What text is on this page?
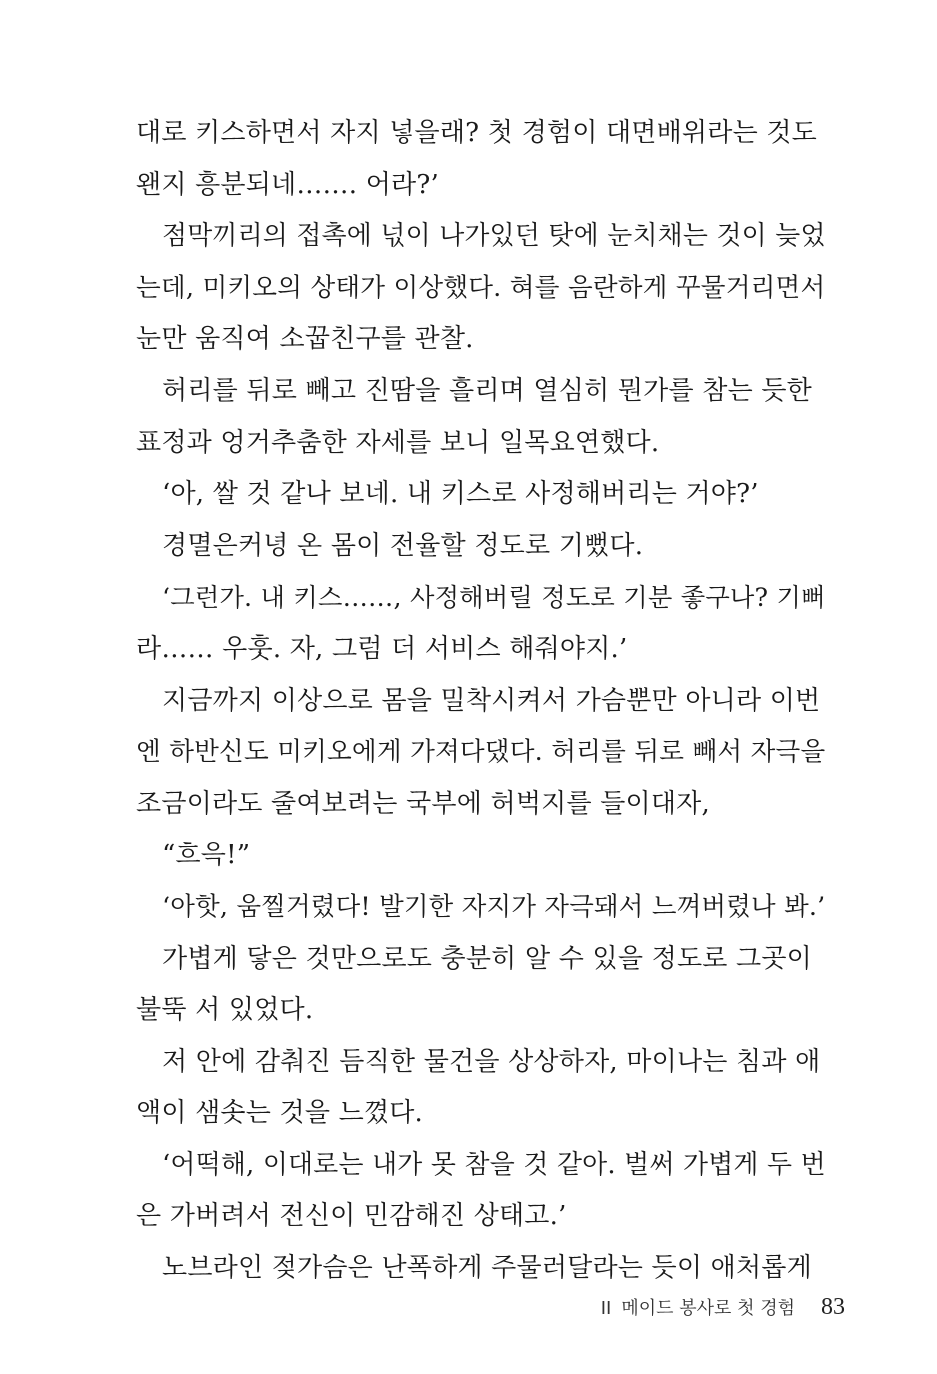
대로 키스하면서 자지 넣을래? 첫 경험이 대면배위라는 것도
왠지 흥분되네……. 어라?’
점막끼리의 접촉에 넋이 나가있던 탓에 눈치채는 것이 늦었
는데, 미키오의 상태가 이상했다. 혀를 음란하게 꾸물거리면서
눈만 움직여 소꿉친구를 관찰.
허리를 뒤로 빼고 진땀을 흘리며 열심히 뭔가를 참는 듯한
표정과 엉거추춤한 자세를 보니 일목요연했다.
‘아, 쌀 것 같나 보네. 내 키스로 사정해버리는 거야?’
경멸은커녕 온 몸이 전율할 정도로 기뻤다.
‘그런가. 내 키스……, 사정해버릴 정도로 기분 좋구나? 기뻐
라…… 우훗. 자, 그럼 더 서비스 해줘야지.’
지금까지 이상으로 몸을 밀착시켜서 가슴뿐만 아니라 이번
엔 하반신도 미키오에게 가져다댔다. 허리를 뒤로 빼서 자극을
조금이라도 줄여보려는 국부에 허벅지를 들이대자,
“흐윽!”
‘아핫, 움찔거렸다! 발기한 자지가 자극돼서 느껴버렸나 봐.’
가볍게 닿은 것만으로도 충분히 알 수 있을 정도로 그곳이
불뚝 서 있었다.
저 안에 감춰진 듬직한 물건을 상상하자, 마이나는 침과 애
액이 샘솟는 것을 느꼈다.
‘어떡해, 이대로는 내가 못 참을 것 같아. 벌써 가볍게 두 번
은 가버려서 전신이 민감해진 상태고.’
노브라인 젖가슴은 난폭하게 주물러달라는 듯이 애처롭게
II 메이드 봉사로 첫 경험 83
